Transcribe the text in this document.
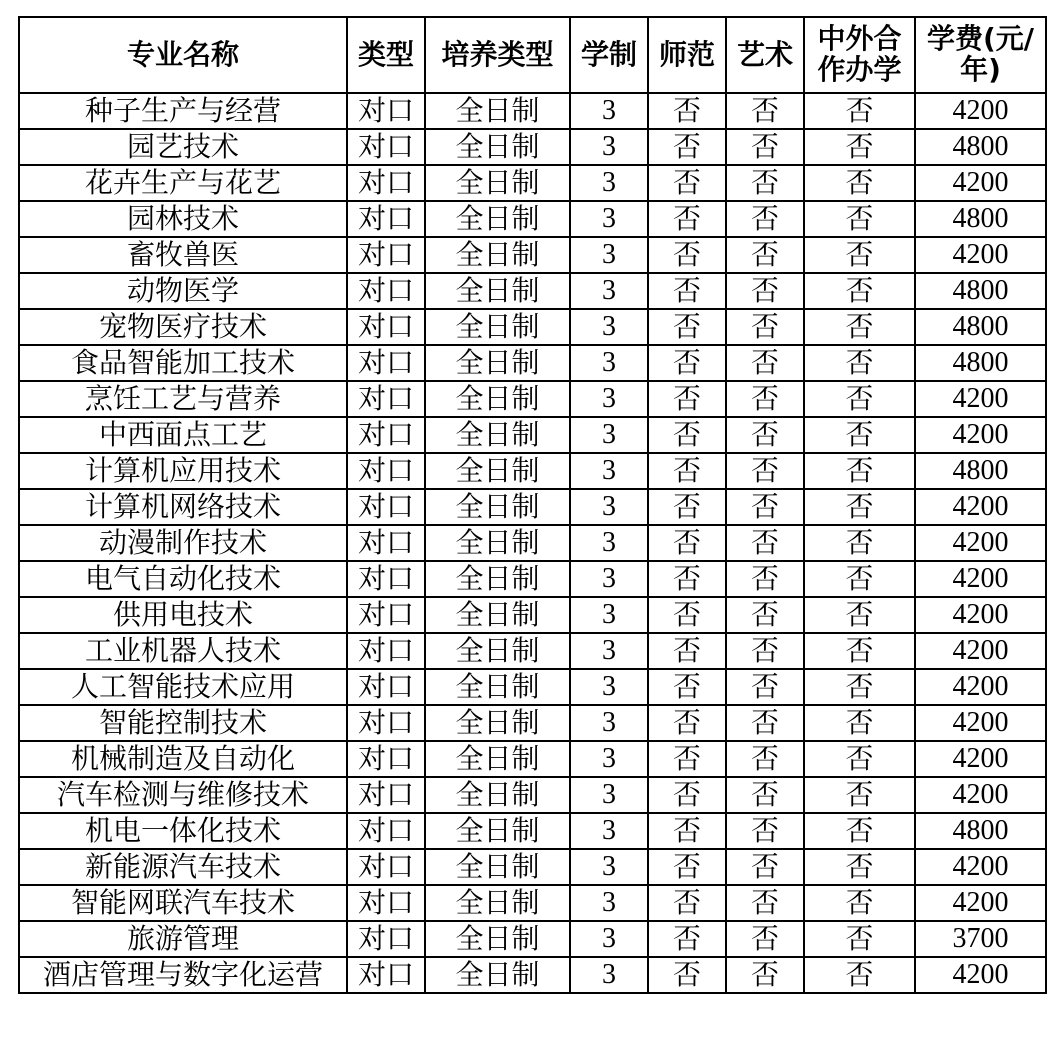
专业名称	类型	培养类型	学制	师范	艺术	中外合作办学	学费(元/年)
种子生产与经营	对口	全日制	3	否	否	否	4200
园艺技术	对口	全日制	3	否	否	否	4800
花卉生产与花艺	对口	全日制	3	否	否	否	4200
园林技术	对口	全日制	3	否	否	否	4800
畜牧兽医	对口	全日制	3	否	否	否	4200
动物医学	对口	全日制	3	否	否	否	4800
宠物医疗技术	对口	全日制	3	否	否	否	4800
食品智能加工技术	对口	全日制	3	否	否	否	4800
烹饪工艺与营养	对口	全日制	3	否	否	否	4200
中西面点工艺	对口	全日制	3	否	否	否	4200
计算机应用技术	对口	全日制	3	否	否	否	4800
计算机网络技术	对口	全日制	3	否	否	否	4200
动漫制作技术	对口	全日制	3	否	否	否	4200
电气自动化技术	对口	全日制	3	否	否	否	4200
供用电技术	对口	全日制	3	否	否	否	4200
工业机器人技术	对口	全日制	3	否	否	否	4200
人工智能技术应用	对口	全日制	3	否	否	否	4200
智能控制技术	对口	全日制	3	否	否	否	4200
机械制造及自动化	对口	全日制	3	否	否	否	4200
汽车检测与维修技术	对口	全日制	3	否	否	否	4200
机电一体化技术	对口	全日制	3	否	否	否	4800
新能源汽车技术	对口	全日制	3	否	否	否	4200
智能网联汽车技术	对口	全日制	3	否	否	否	4200
旅游管理	对口	全日制	3	否	否	否	3700
酒店管理与数字化运营	对口	全日制	3	否	否	否	4200
